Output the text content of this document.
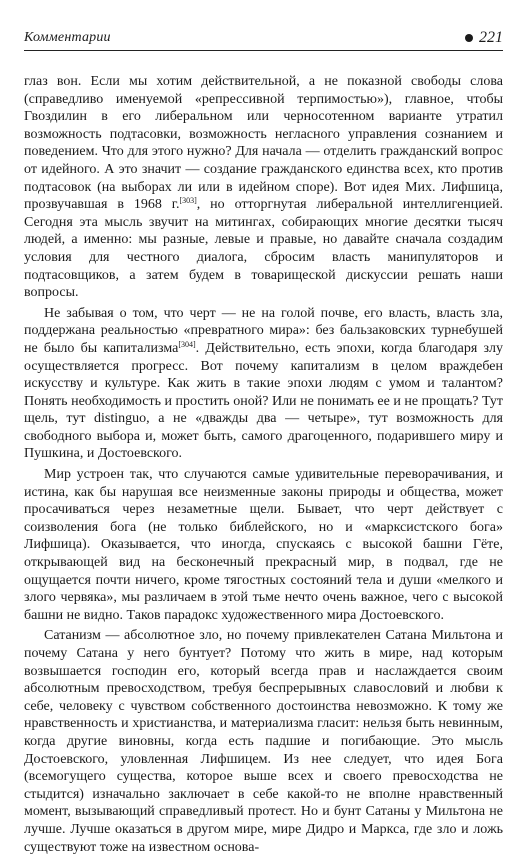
Комментарии	221

глаз вон. Если мы хотим действительной, а не показной свободы слова (справедливо именуемой «репрессивной терпимостью»), главное, чтобы Гвоздилин в его либеральном или черносотенном варианте утратил возможность подтасовки, возможность негласного управления сознанием и поведением. Что для этого нужно? Для начала — отделить гражданский вопрос от идейного. А это значит — создание гражданского единства всех, кто против подтасовок (на выборах ли или в идейном споре). Вот идея Мих. Лифшица, прозвучавшая в 1968 г.[303], но отторгнутая либеральной интеллигенцией. Сегодня эта мысль звучит на митингах, собирающих многие десятки тысяч людей, а именно: мы разные, левые и правые, но давайте сначала создадим условия для честного диалога, сбросим власть манипуляторов и подтасовщиков, а затем будем в товарищеской дискуссии решать наши вопросы.

Не забывая о том, что черт — не на голой почве, его власть, власть зла, поддержана реальностью «превратного мира»: без бальзаковских турнебушей не было бы капитализма[304]. Действительно, есть эпохи, когда благодаря злу осуществляется прогресс. Вот почему капитализм в целом враждебен искусству и культуре. Как жить в такие эпохи людям с умом и талантом? Понять необходимость и простить оной? Или не понимать ее и не прощать? Тут щель, тут distinguo, а не «дважды два — четыре», тут возможность для свободного выбора и, может быть, самого драгоценного, подарившего миру и Пушкина, и Достоевского.

Мир устроен так, что случаются самые удивительные переворачивания, и истина, как бы нарушая все неизменные законы природы и общества, может просачиваться через незаметные щели. Бывает, что черт действует с соизволения бога (не только библейского, но и «марксистского бога» Лифшица). Оказывается, что иногда, спускаясь с высокой башни Гёте, открывающей вид на бесконечный прекрасный мир, в подвал, где не ощущается почти ничего, кроме тягостных состояний тела и души «мелкого и злого червяка», мы различаем в этой тьме нечто очень важное, чего с высокой башни не видно. Таков парадокс художественного мира Достоевского.

Сатанизм — абсолютное зло, но почему привлекателен Сатана Мильтона и почему Сатана у него бунтует? Потому что жить в мире, над которым возвышается господин его, который всегда прав и наслаждается своим абсолютным превосходством, требуя беспрерывных славословий и любви к себе, человеку с чувством собственного достоинства невозможно. К тому же нравственность и христианства, и материализма гласит: нельзя быть невинным, когда другие виновны, когда есть падшие и погибающие. Это мысль Достоевского, уловленная Лифшицем. Из нее следует, что идея Бога (всемогущего существа, которое выше всех и своего превосходства не стыдится) изначально заключает в себе какой-то не вполне нравственный момент, вызывающий справедливый протест. Но и бунт Сатаны у Мильтона не лучше. Лучше оказаться в другом мире, мире Дидро и Маркса, где зло и ложь существуют тоже на известном основа-
